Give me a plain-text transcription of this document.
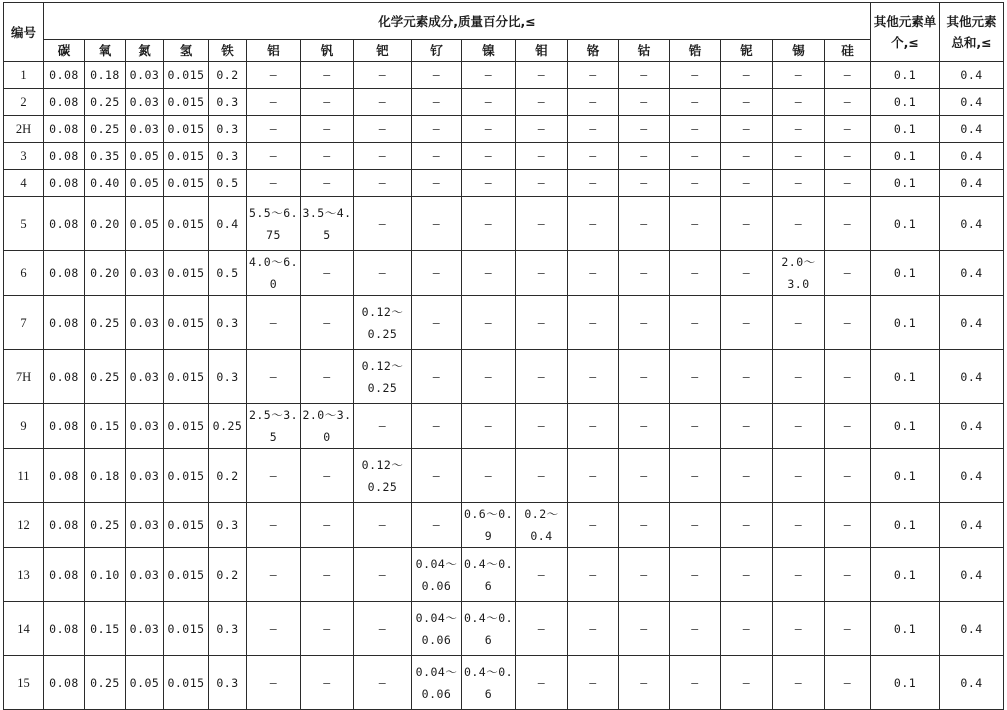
编号	化学元素成分,质量百分比,≤																	其他元素单个,≤	其他元素总和,≤
	碳	氧	氮	氢	铁	铝	钒	钯	钌	镍	钼	铬	钴	锆	铌	锡	硅		
1	0.08	0.18	0.03	0.015	0.2	—	—	—	—	—	—	—	—	—	—	—	—	0.1	0.4
2	0.08	0.25	0.03	0.015	0.3	—	—	—	—	—	—	—	—	—	—	—	—	0.1	0.4
2H	0.08	0.25	0.03	0.015	0.3	—	—	—	—	—	—	—	—	—	—	—	—	0.1	0.4
3	0.08	0.35	0.05	0.015	0.3	—	—	—	—	—	—	—	—	—	—	—	—	0.1	0.4
4	0.08	0.40	0.05	0.015	0.5	—	—	—	—	—	—	—	—	—	—	—	—	0.1	0.4
5	0.08	0.20	0.05	0.015	0.4	5.5～6.75	3.5～4.5	—	—	—	—	—	—	—	—	—	—	0.1	0.4
6	0.08	0.20	0.03	0.015	0.5	4.0～6.0	—	—	—	—	—	—	—	—	—	2.0～3.0	—	0.1	0.4
7	0.08	0.25	0.03	0.015	0.3	—	—	0.12～0.25	—	—	—	—	—	—	—	—	—	0.1	0.4
7H	0.08	0.25	0.03	0.015	0.3	—	—	0.12～0.25	—	—	—	—	—	—	—	—	—	0.1	0.4
9	0.08	0.15	0.03	0.015	0.25	2.5～3.5	2.0～3.0	—	—	—	—	—	—	—	—	—	—	0.1	0.4
11	0.08	0.18	0.03	0.015	0.2	—	—	0.12～0.25	—	—	—	—	—	—	—	—	—	0.1	0.4
12	0.08	0.25	0.03	0.015	0.3	—	—	—	—	0.6～0.9	0.2～0.4	—	—	—	—	—	—	0.1	0.4
13	0.08	0.10	0.03	0.015	0.2	—	—	—	0.04～0.06	0.4～0.6	—	—	—	—	—	—	—	0.1	0.4
14	0.08	0.15	0.03	0.015	0.3	—	—	—	0.04～0.06	0.4～0.6	—	—	—	—	—	—	—	0.1	0.4
15	0.08	0.25	0.05	0.015	0.3	—	—	—	0.04～0.06	0.4～0.6	—	—	—	—	—	—	—	0.1	0.4
